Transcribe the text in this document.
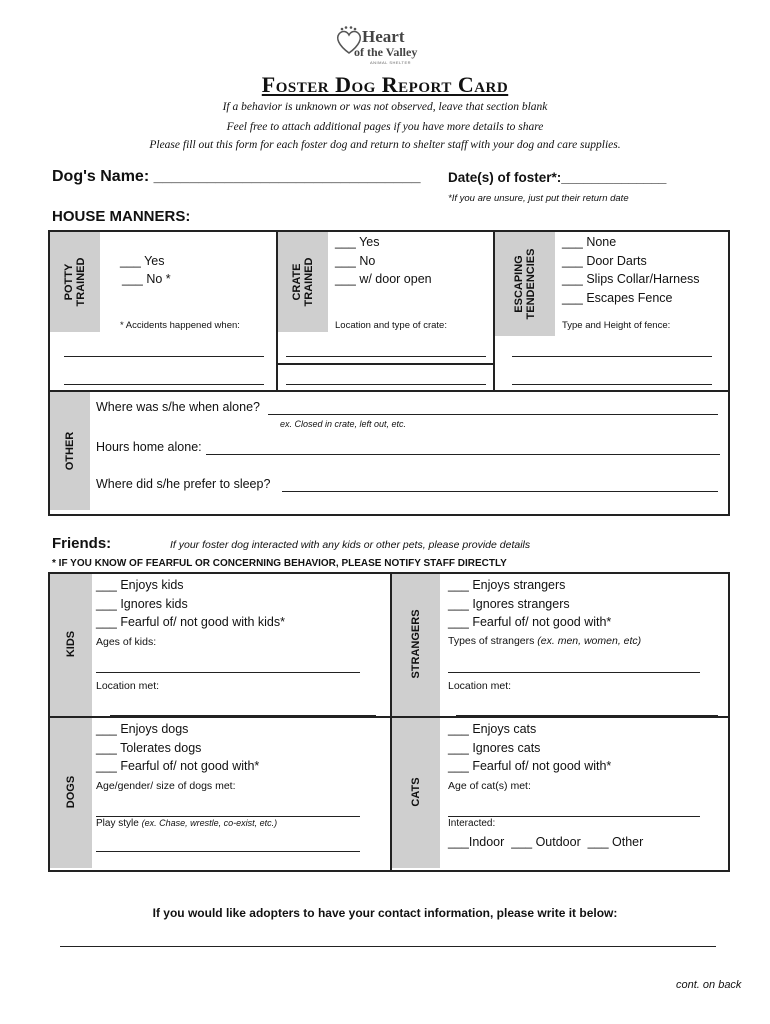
Heart
of the Valley
ANIMAL SHELTER
Foster Dog Report Card
If a behavior is unknown or was not observed, leave that section blank
Feel free to attach additional pages if you have more details to share
Please fill out this form for each foster dog and return to shelter staff with your dog and care supplies.
Dog's Name: ______________________________ Date(s) of foster*:______________
*If you are unsure, just put their return date
HOUSE MANNERS:
POTTY TRAINED	___ Yes
___ No *
* Accidents happened when:
CRATE TRAINED
___ Yes
___ No
___ w/ door open
Location and type of crate:
ESCAPING TENDENCIES
___ None
___ Door Darts
___ Slips Collar/Harness
___ Escapes Fence
Type and Height of fence:
OTHER
Where was s/he when alone?
ex. Closed in crate, left out, etc.
Hours home alone:
Where did s/he prefer to sleep?
Friends:	If your foster dog interacted with any kids or other pets, please provide details
* IF YOU KNOW OF FEARFUL OR CONCERNING BEHAVIOR, PLEASE NOTIFY STAFF DIRECTLY
KIDS
___ Enjoys kids
___ Ignores kids
___ Fearful of/ not good with kids*
Ages of kids:
Location met:
STRANGERS
___ Enjoys strangers
___ Ignores strangers
___ Fearful of/ not good with*
Types of strangers (ex. men, women, etc)
Location met:
DOGS
___ Enjoys dogs
___ Tolerates dogs
___ Fearful of/ not good with*
Age/gender/ size of dogs met:
Play style (ex. Chase, wrestle, co-exist, etc.)
CATS
___ Enjoys cats
___ Ignores cats
___ Fearful of/ not good with*
Age of cat(s) met:
Interacted:
___Indoor  ___ Outdoor  ___ Other
If you would like adopters to have your contact information, please write it below:
cont. on back
